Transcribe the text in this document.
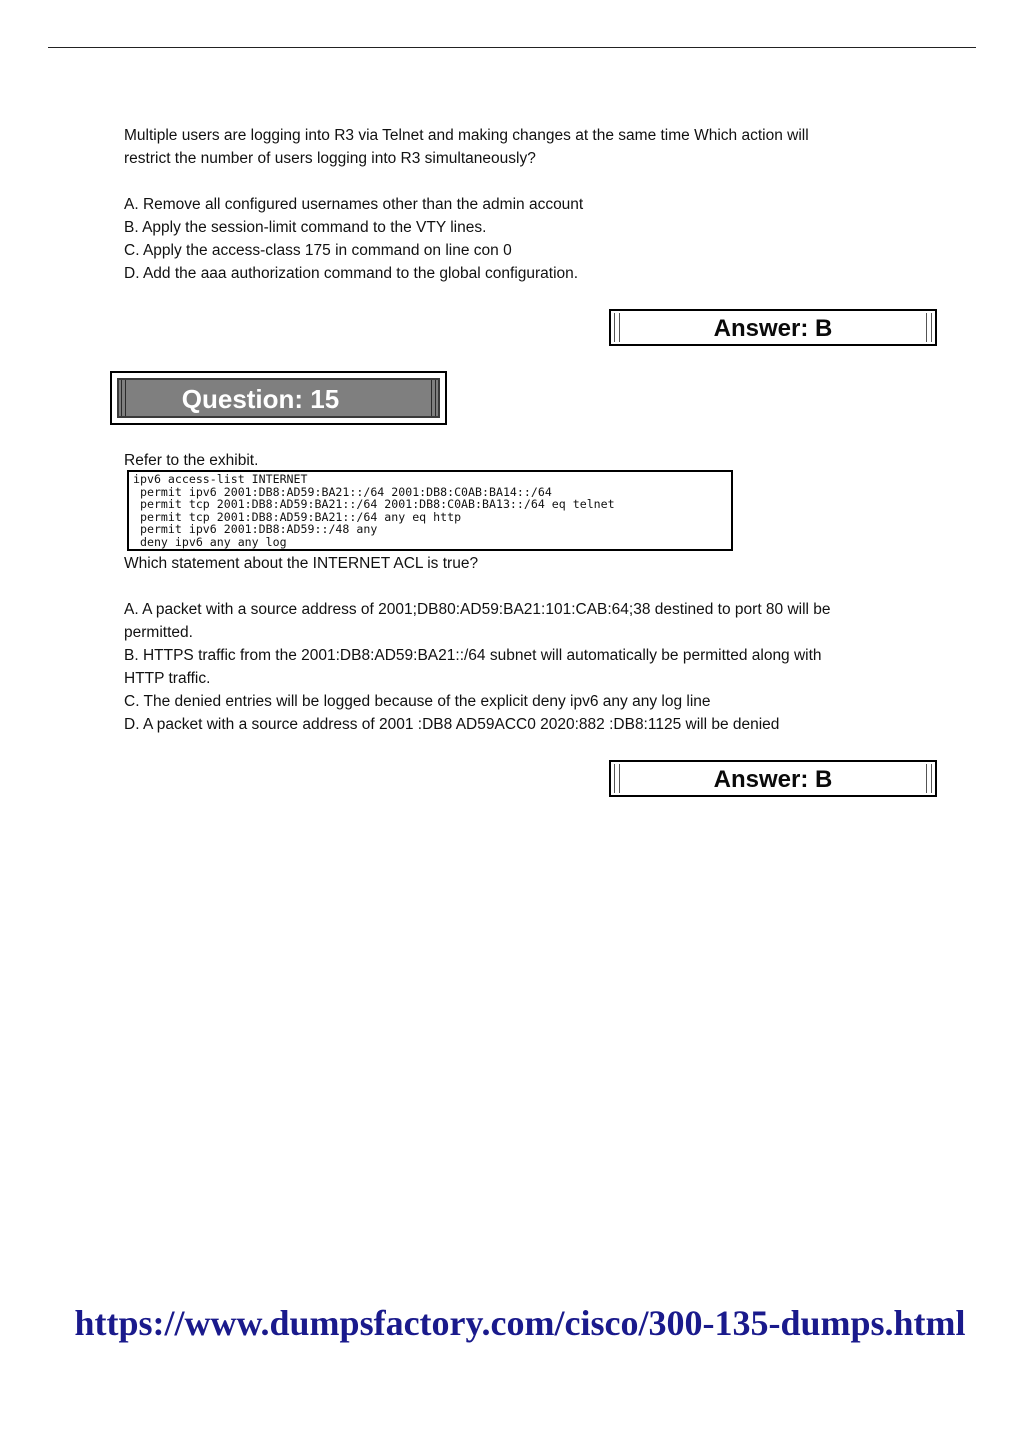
Multiple users are logging into R3 via Telnet and making changes at the same time Which action will

restrict the number of users logging into R3 simultaneously?

A. Remove all configured usernames other than the admin account

B. Apply the session-limit command to the VTY lines.

C. Apply the access-class 175 in command on line con 0

D. Add the aaa authorization command to the global configuration.

Answer: B
Question: 15

Refer to the exhibit.

ipv6 access-list INTERNET
permit ipv6 2001:DB8:AD59:BA21::/64 2001:DB8:C0AB:BA14::/64
permit tcp 2001:DB8:AD59:BA21::/64 2001:DB8:C0AB:BA13::/64 eq telnet
permit tcp 2001:DB8:AD59:BA21::/64 any eq http
permit ipv6 2001:DB8:AD59::/48 any
deny ipv6 any any log

Which statement about the INTERNET ACL is true?

A. A packet with a source address of 2001;DB80:AD59:BA21:101:CAB:64;38 destined to port 80 will be

permitted.

B. HTTPS traffic from the 2001:DB8:AD59:BA21::/64 subnet will automatically be permitted along with

HTTP traffic.

C. The denied entries will be logged because of the explicit deny ipv6 any any log line

D. A packet with a source address of 2001 :DB8 AD59ACC0 2020:882 :DB8:1125 will be denied

Answer: B
https://www.dumpsfactory.com/cisco/300-135-dumps.html
